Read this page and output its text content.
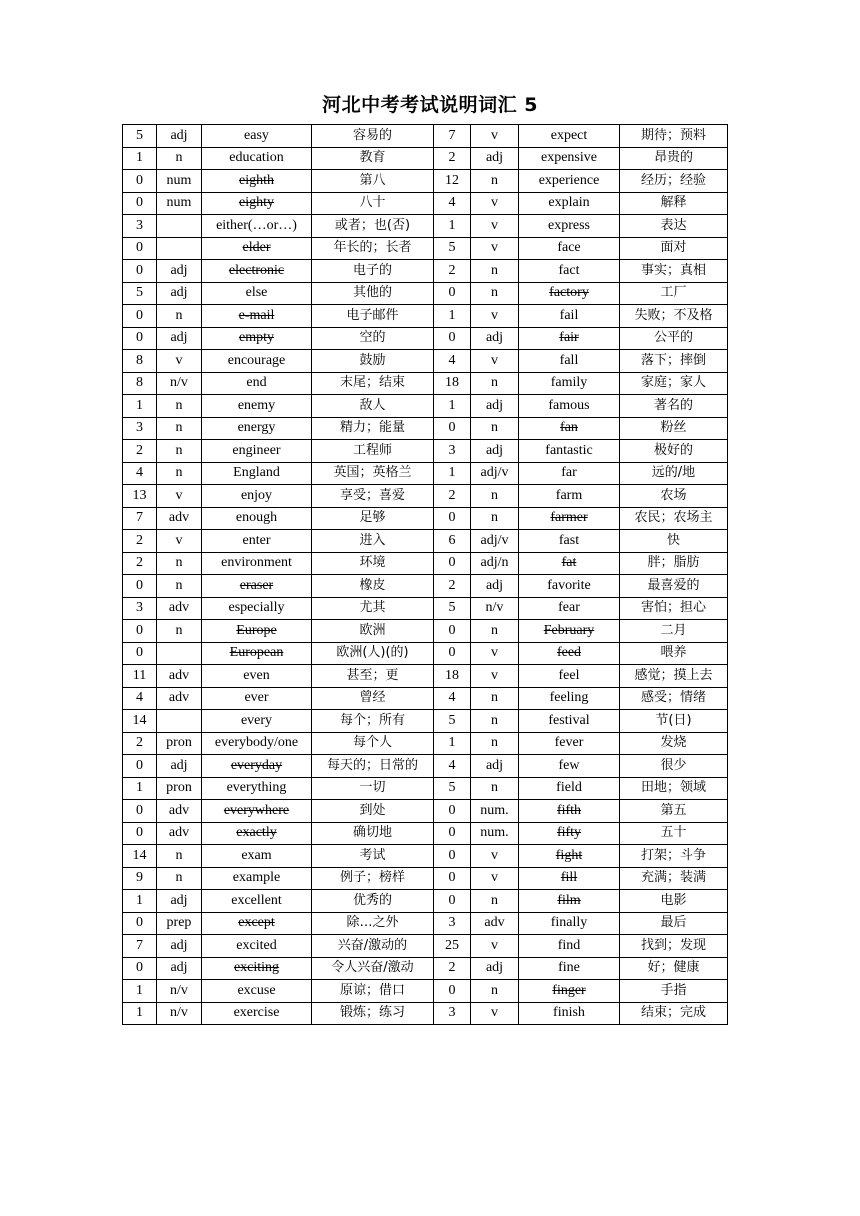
河北中考考试说明词汇 5
5	adj	easy	容易的	7	v	expect	期待；预料
1	n	education	教育	2	adj	expensive	昂贵的
0	num	eighth	第八	12	n	experience	经历；经验
0	num	eighty	八十	4	v	explain	解释
3		either(…or…)	或者；也(否)	1	v	express	表达
0		elder	年长的；长者	5	v	face	面对
0	adj	electronic	电子的	2	n	fact	事实；真相
5	adj	else	其他的	0	n	factory	工厂
0	n	e-mail	电子邮件	1	v	fail	失败；不及格
0	adj	empty	空的	0	adj	fair	公平的
8	v	encourage	鼓励	4	v	fall	落下；摔倒
8	n/v	end	末尾；结束	18	n	family	家庭；家人
1	n	enemy	敌人	1	adj	famous	著名的
3	n	energy	精力；能量	0	n	fan	粉丝
2	n	engineer	工程师	3	adj	fantastic	极好的
4	n	England	英国；英格兰	1	adj/v	far	远的/地
13	v	enjoy	享受；喜爱	2	n	farm	农场
7	adv	enough	足够	0	n	farmer	农民；农场主
2	v	enter	进入	6	adj/v	fast	快
2	n	environment	环境	0	adj/n	fat	胖；脂肪
0	n	eraser	橡皮	2	adj	favorite	最喜爱的
3	adv	especially	尤其	5	n/v	fear	害怕；担心
0	n	Europe	欧洲	0	n	February	二月
0		European	欧洲(人)(的)	0	v	feed	喂养
11	adv	even	甚至；更	18	v	feel	感觉；摸上去
4	adv	ever	曾经	4	n	feeling	感受；情绪
14		every	每个；所有	5	n	festival	节(日)
2	pron	everybody/one	每个人	1	n	fever	发烧
0	adj	everyday	每天的；日常的	4	adj	few	很少
1	pron	everything	一切	5	n	field	田地；领域
0	adv	everywhere	到处	0	num.	fifth	第五
0	adv	exactly	确切地	0	num.	fifty	五十
14	n	exam	考试	0	v	fight	打架；斗争
9	n	example	例子；榜样	0	v	fill	充满；装满
1	adj	excellent	优秀的	0	n	film	电影
0	prep	except	除…之外	3	adv	finally	最后
7	adj	excited	兴奋/激动的	25	v	find	找到；发现
0	adj	exciting	令人兴奋/激动	2	adj	fine	好；健康
1	n/v	excuse	原谅；借口	0	n	finger	手指
1	n/v	exercise	锻炼；练习	3	v	finish	结束；完成
